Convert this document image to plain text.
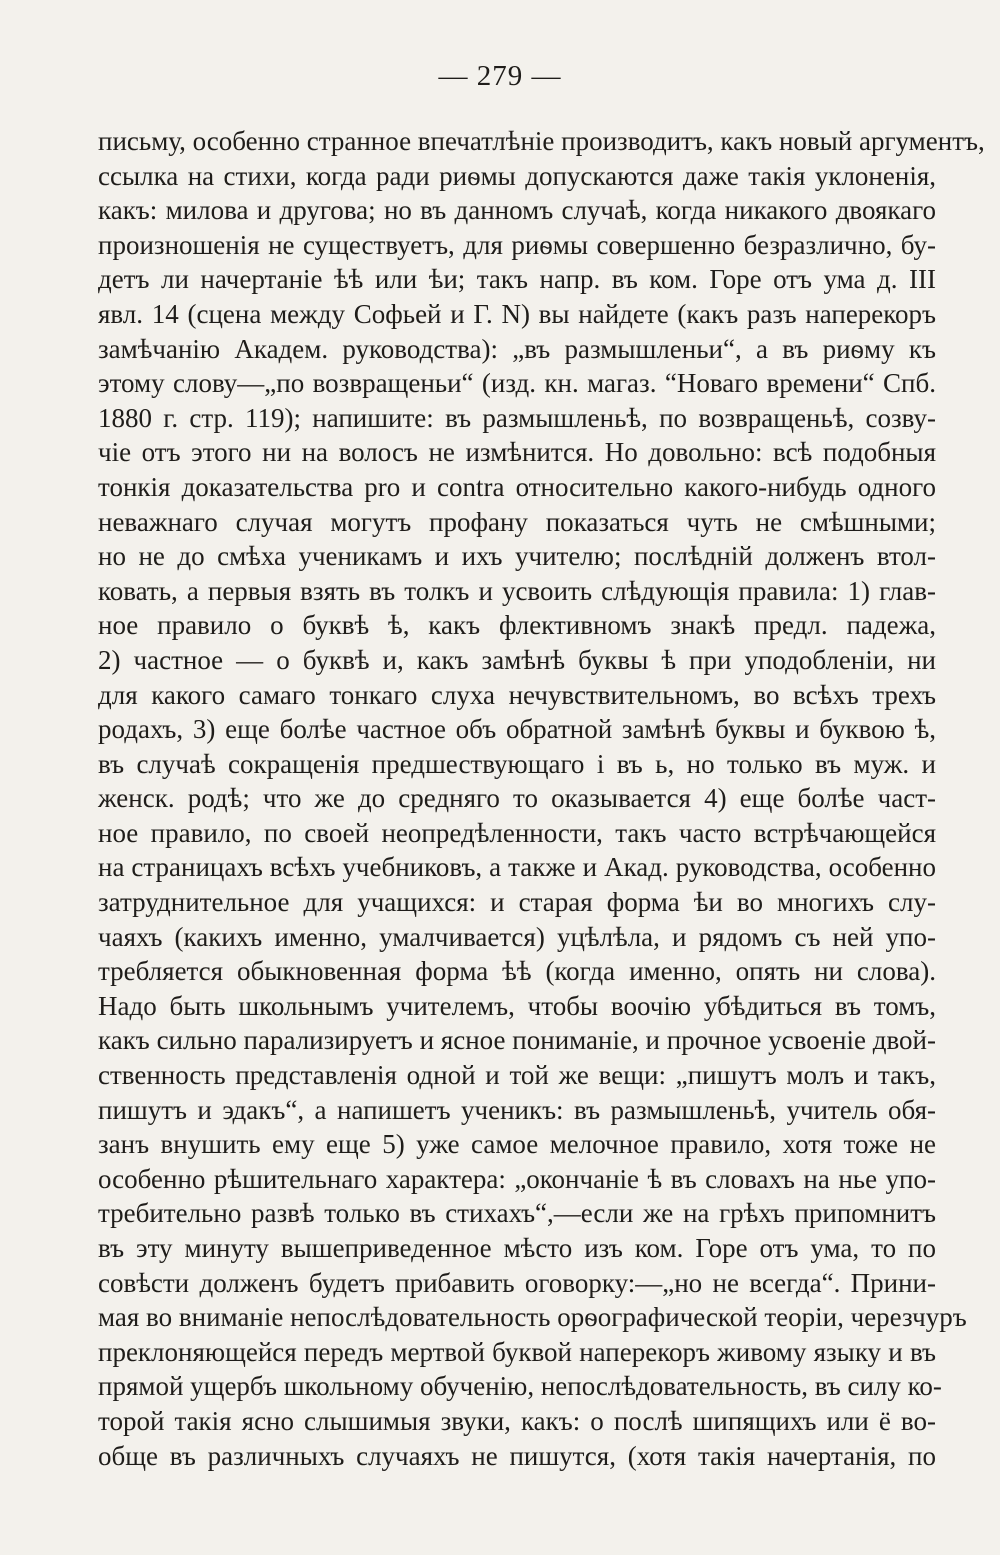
— 279 —
письму, особенно странное впечатлѣніе производитъ, какъ новый аргументъ,
ссылка на стихи, когда ради риѳмы допускаются даже такія уклоненія,
какъ: милова и другова; но въ данномъ случаѣ, когда никакого двоякаго
произношенія не существуетъ, для риѳмы совершенно безразлично, бу-
детъ ли начертаніе ѣѣ или ѣи; такъ напр. въ ком. Горе отъ ума д. III
явл. 14 (сцена между Софьей и Г. N) вы найдете (какъ разъ наперекоръ
замѣчанію Академ. руководства): „въ размышленьи“, а въ риѳму къ
этому слову—„по возвращеньи“ (изд. кн. магаз. “Новаго времени“ Спб.
1880 г. стр. 119); напишите: въ размышленьѣ, по возвращеньѣ, созву-
чіе отъ этого ни на волосъ не измѣнится. Но довольно: всѣ подобныя
тонкія доказательства pro и contra относительно какого-нибудь одного
неважнаго случая могутъ профану показаться чуть не смѣшными;
но не до смѣха ученикамъ и ихъ учителю; послѣдній долженъ втол-
ковать, а первыя взять въ толкъ и усвоить слѣдующія правила: 1) глав-
ное правило о буквѣ ѣ, какъ флективномъ знакѣ предл. падежа,
2) частное — о буквѣ и, какъ замѣнѣ буквы ѣ при уподобленіи, ни
для какого самаго тонкаго слуха нечувствительномъ, во всѣхъ трехъ
родахъ, 3) еще болѣе частное объ обратной замѣнѣ буквы и буквою ѣ,
въ случаѣ сокращенія предшествующаго і въ ь, но только въ муж. и
женск. родѣ; что же до средняго то оказывается 4) еще болѣе част-
ное правило, по своей неопредѣленности, такъ часто встрѣчающейся
на страницахъ всѣхъ учебниковъ, а также и Акад. руководства, особенно
затруднительное для учащихся: и старая форма ѣи во многихъ слу-
чаяхъ (какихъ именно, умалчивается) уцѣлѣла, и рядомъ съ ней упо-
требляется обыкновенная форма ѣѣ (когда именно, опять ни слова).
Надо быть школьнымъ учителемъ, чтобы воочію убѣдиться въ томъ,
какъ сильно парализируетъ и ясное пониманіе, и прочное усвоеніе двой-
ственность представленія одной и той же вещи: „пишутъ молъ и такъ,
пишутъ и эдакъ“, а напишетъ ученикъ: въ размышленьѣ, учитель обя-
занъ внушить ему еще 5) уже самое мелочное правило, хотя тоже не
особенно рѣшительнаго характера: „окончаніе ѣ въ словахъ на нье упо-
требительно развѣ только въ стихахъ“,—если же на грѣхъ припомнитъ
въ эту минуту вышеприведенное мѣсто изъ ком. Горе отъ ума, то по
совѣсти долженъ будетъ прибавить оговорку:—„но не всегда“. Прини-
мая во вниманіе непослѣдовательность орѳографической теоріи, черезчуръ
преклоняющейся передъ мертвой буквой наперекоръ живому языку и въ
прямой ущербъ школьному обученію, непослѣдовательность, въ силу ко-
торой такія ясно слышимыя звуки, какъ: о послѣ шипящихъ или ё во-
обще въ различныхъ случаяхъ не пишутся, (хотя такія начертанія, по
